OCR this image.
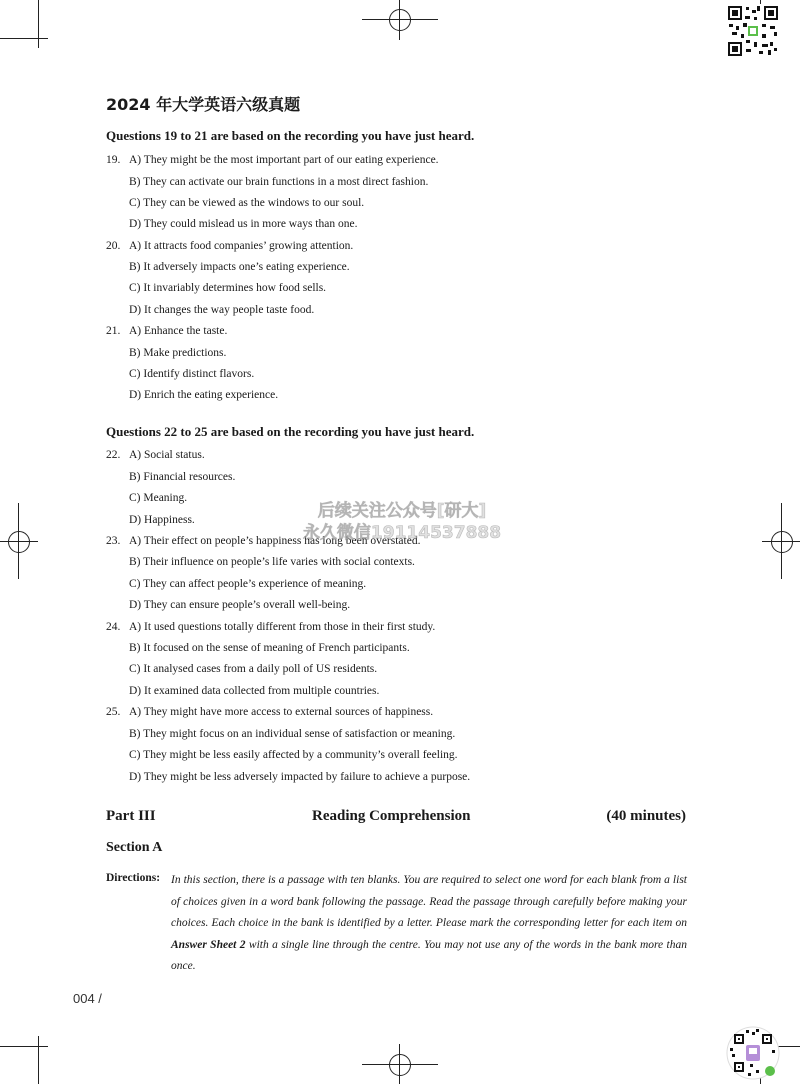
2024 年大学英语六级真题
Questions 19 to 21 are based on the recording you have just heard.
19. A) They might be the most important part of our eating experience.
B) They can activate our brain functions in a most direct fashion.
C) They can be viewed as the windows to our soul.
D) They could mislead us in more ways than one.
20. A) It attracts food companies’ growing attention.
B) It adversely impacts one’s eating experience.
C) It invariably determines how food sells.
D) It changes the way people taste food.
21. A) Enhance the taste.
B) Make predictions.
C) Identify distinct flavors.
D) Enrich the eating experience.
Questions 22 to 25 are based on the recording you have just heard.
22. A) Social status.
B) Financial resources.
C) Meaning.
D) Happiness.
23. A) Their effect on people’s happiness has long been overstated.
B) Their influence on people’s life varies with social contexts.
C) They can affect people’s experience of meaning.
D) They can ensure people’s overall well-being.
24. A) It used questions totally different from those in their first study.
B) It focused on the sense of meaning of French participants.
C) It analysed cases from a daily poll of US residents.
D) It examined data collected from multiple countries.
25. A) They might have more access to external sources of happiness.
B) They might focus on an individual sense of satisfaction or meaning.
C) They might be less easily affected by a community’s overall feeling.
D) They might be less adversely impacted by failure to achieve a purpose.
后续关注公众号[研大]
永久微信19114537888
Part III	Reading Comprehension	(40 minutes)
Section A
Directions: In this section, there is a passage with ten blanks. You are required to select one word for each blank from a list of choices given in a word bank following the passage. Read the passage through carefully before making your choices. Each choice in the bank is identified by a letter. Please mark the corresponding letter for each item on Answer Sheet 2 with a single line through the centre. You may not use any of the words in the bank more than once.
004 /
